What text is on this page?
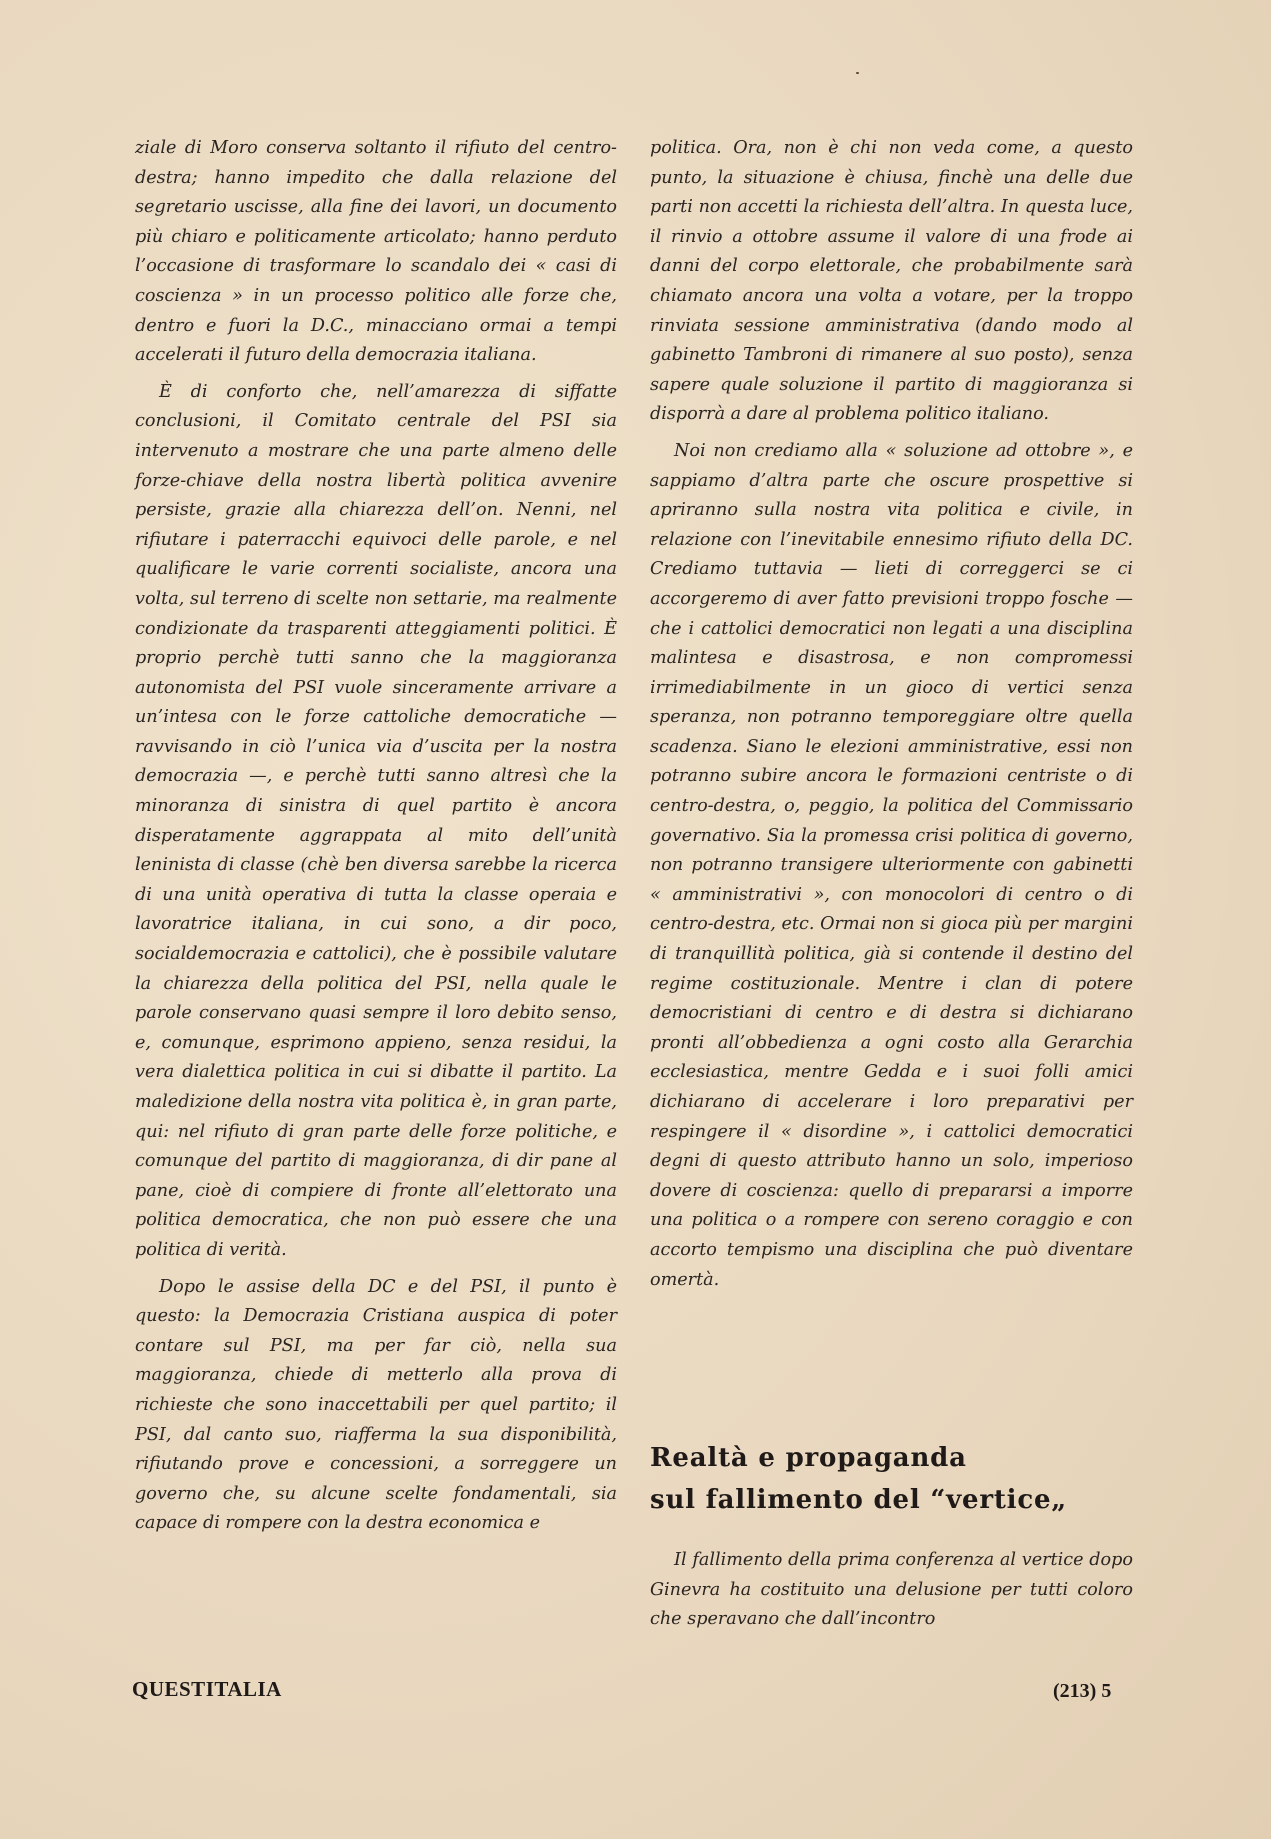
ziale di Moro conserva soltanto il rifiuto del centro-destra; hanno impedito che dalla relazione del segretario uscisse, alla fine dei lavori, un documento più chiaro e politicamente articolato; hanno perduto l’occasione di trasformare lo scandalo dei « casi di coscienza » in un processo politico alle forze che, dentro e fuori la D.C., minacciano ormai a tempi accelerati il futuro della democrazia italiana.

È di conforto che, nell’amarezza di siffatte conclusioni, il Comitato centrale del PSI sia intervenuto a mostrare che una parte almeno delle forze-chiave della nostra libertà politica avvenire persiste, grazie alla chiarezza dell’on. Nenni, nel rifiutare i paterracchi equivoci delle parole, e nel qualificare le varie correnti socialiste, ancora una volta, sul terreno di scelte non settarie, ma realmente condizionate da trasparenti atteggiamenti politici. È proprio perchè tutti sanno che la maggioranza autonomista del PSI vuole sinceramente arrivare a un’intesa con le forze cattoliche democratiche — ravvisando in ciò l’unica via d’uscita per la nostra democrazia —, e perchè tutti sanno altresì che la minoranza di sinistra di quel partito è ancora disperatamente aggrappata al mito dell’unità leninista di classe (chè ben diversa sarebbe la ricerca di una unità operativa di tutta la classe operaia e lavoratrice italiana, in cui sono, a dir poco, socialdemocrazia e cattolici), che è possibile valutare la chiarezza della politica del PSI, nella quale le parole conservano quasi sempre il loro debito senso, e, comunque, esprimono appieno, senza residui, la vera dialettica politica in cui si dibatte il partito. La maledizione della nostra vita politica è, in gran parte, qui: nel rifiuto di gran parte delle forze politiche, e comunque del partito di maggioranza, di dir pane al pane, cioè di compiere di fronte all’elettorato una politica democratica, che non può essere che una politica di verità.

Dopo le assise della DC e del PSI, il punto è questo: la Democrazia Cristiana auspica di poter contare sul PSI, ma per far ciò, nella sua maggioranza, chiede di metterlo alla prova di richieste che sono inaccettabili per quel partito; il PSI, dal canto suo, riafferma la sua disponibilità, rifiutando prove e concessioni, a sorreggere un governo che, su alcune scelte fondamentali, sia capace di rompere con la destra economica e

politica. Ora, non è chi non veda come, a questo punto, la situazione è chiusa, finchè una delle due parti non accetti la richiesta dell’altra. In questa luce, il rinvio a ottobre assume il valore di una frode ai danni del corpo elettorale, che probabilmente sarà chiamato ancora una volta a votare, per la troppo rinviata sessione amministrativa (dando modo al gabinetto Tambroni di rimanere al suo posto), senza sapere quale soluzione il partito di maggioranza si disporrà a dare al problema politico italiano.

Noi non crediamo alla « soluzione ad ottobre », e sappiamo d’altra parte che oscure prospettive si apriranno sulla nostra vita politica e civile, in relazione con l’inevitabile ennesimo rifiuto della DC. Crediamo tuttavia — lieti di correggerci se ci accorgeremo di aver fatto previsioni troppo fosche — che i cattolici democratici non legati a una disciplina malintesa e disastrosa, e non compromessi irrimediabilmente in un gioco di vertici senza speranza, non potranno temporeggiare oltre quella scadenza. Siano le elezioni amministrative, essi non potranno subire ancora le formazioni centriste o di centro-destra, o, peggio, la politica del Commissario governativo. Sia la promessa crisi politica di governo, non potranno transigere ulteriormente con gabinetti « amministrativi », con monocolori di centro o di centro-destra, etc. Ormai non si gioca più per margini di tranquillità politica, già si contende il destino del regime costituzionale. Mentre i clan di potere democristiani di centro e di destra si dichiarano pronti all’obbedienza a ogni costo alla Gerarchia ecclesiastica, mentre Gedda e i suoi folli amici dichiarano di accelerare i loro preparativi per respingere il « disordine », i cattolici democratici degni di questo attributo hanno un solo, imperioso dovere di coscienza: quello di prepararsi a imporre una politica o a rompere con sereno coraggio e con accorto tempismo una disciplina che può diventare omertà.

Realtà e propaganda
sul fallimento del “vertice„
Il fallimento della prima conferenza al vertice dopo Ginevra ha costituito una delusione per tutti coloro che speravano che dall’incontro
QUESTITALIA	(213) 5
